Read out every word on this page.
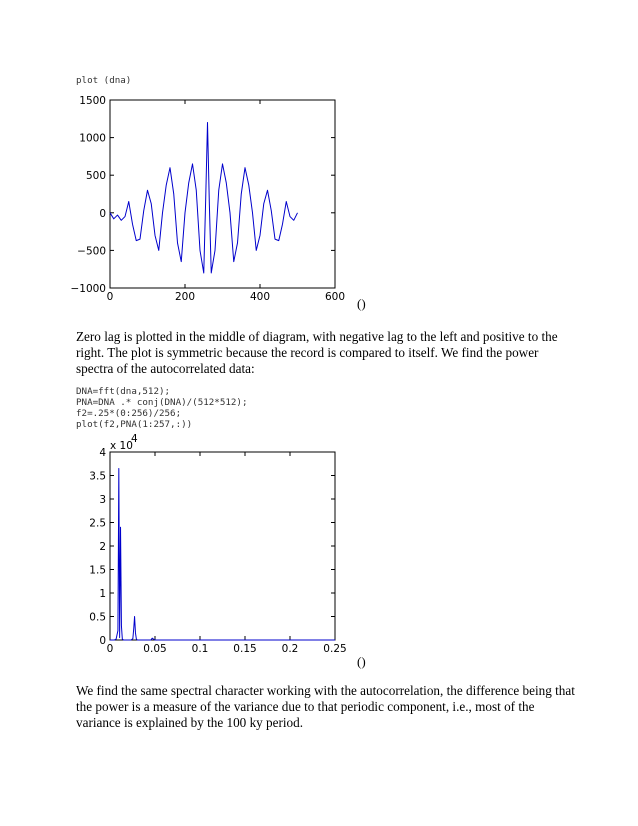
plot (dna)
0	200	400	600
−1000
−500
0
500
1000
1500
()

Zero lag is plotted in the middle of diagram, with negative lag to the left and positive to the right. The plot is symmetric because the record is compared to itself. We find the power spectra of the autocorrelated data:

DNA=fft(dna,512);
PNA=DNA .* conj(DNA)/(512*512);
f2=.25*(0:256)/256;
plot(f2,PNA(1:257,:))
0	0.05 0.1 0.15 0.2 0.25
0
0.5
1
1.5
2
2.5
3
3.5
4
x 10
4
()

We find the same spectral character working with the autocorrelation, the difference being that the power is a measure of the variance due to that periodic component, i.e., most of the variance is explained by the 100 ky period.
